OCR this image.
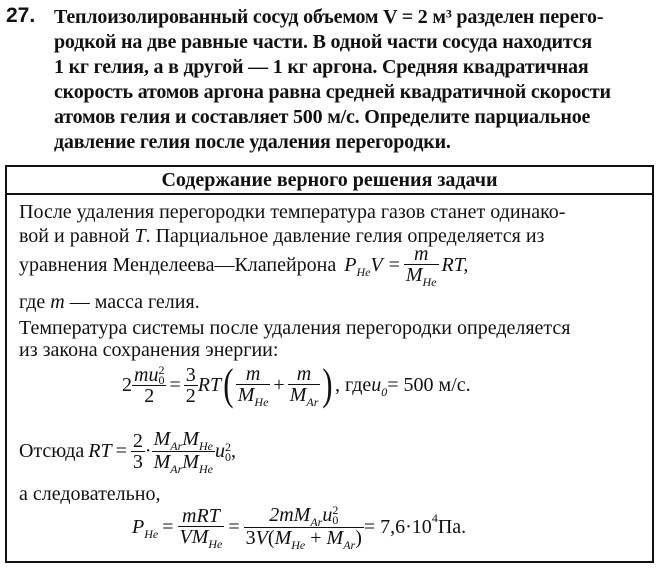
27. Теплоизолированный сосуд объемом V = 2 м³ разделен перего-
родкой на две равные части. В одной части сосуда находится
1 кг гелия, а в другой — 1 кг аргона. Средняя квадратичная
скорость атомов аргона равна средней квадратичной скорости
атомов гелия и составляет 500 м/с. Определите парциальное
давление гелия после удаления перегородки.
Содержание верного решения задачи
После удаления перегородки температура газов станет одинако-
вой и равной T. Парциальное давление гелия определяется из
уравнения Менделеева—Клапейрона $P_{He}V = \frac{m}{M_{He}}$ RT,
где m — масса гелия.
Температура системы после удаления перегородки определяется
из закона сохранения энергии:
2 mu 2
0
$2 = \frac{3}{2}$ RT ( $\frac{m}{M_{He}} + \frac{m}{M_{Ar}}$ ) , где $u_0 = 500$ м/с.
Отсюда RT = $\frac{2}{3} \cdot \frac{M_{Ar}M_{He}}{M_{Ar}M_{He}}$ u 2
0 ,
а следовательно,
$P_{He} = \frac{\text{mRT}}{VM_{He}} = 2mM_{Ar}u$ 2
0
$3V(M_{He} + M_{Ar}) = 7,6\cdot 10$ 4 Па.
